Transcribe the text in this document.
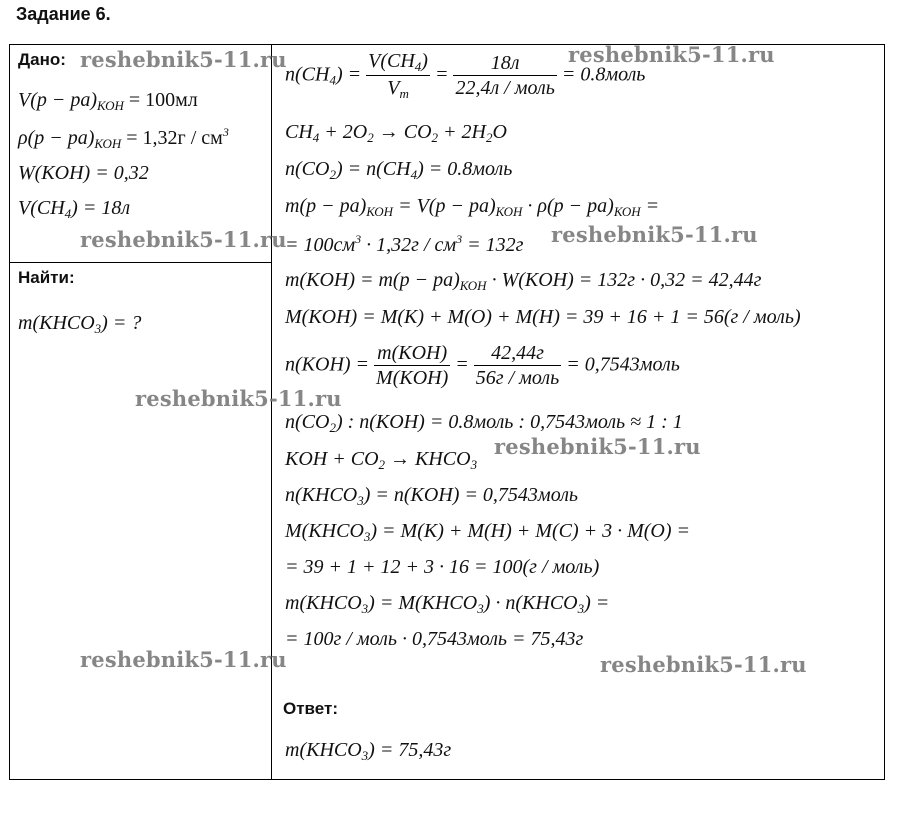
Задание 6.
Дано:
$V(p - pa)_{КОН} = 100мл$
$\rho(p - pa)_{КОН} = 1,32г / см^3$
W(KOH) = 0,32
$V(CH_4) = 18л$
Найти:
$m(KHCO_3)$ = ?
$n(CH_4) = \frac{V(CH_4)}{V_m} = \frac{18л}{\text{22,4л / моль}}$ = 0.8моль
$CH_4 + 2O_2 \to CO_2 + 2H_2O$
$n(CO_2) = n(CH_4)$ = 0.8моль
$m(p - pa)_{КОН} = V(p - pa)_{КОН} \cdot \rho(p - pa)_{КОН}$ =
= $100см^3 \cdot 1,32г / см^3 = 132г$
$m(KOH) = m(p - pa)_{КОН} \cdot W(KOH) = 132г \cdot 0,32 = 42,44г$
M(KOH) = M(K) + M(O) + M(H) = 39 + 16 + 1 = 56(г / моль)
$n(KOH) = \frac{\text{m(KOH)}}{\text{M(KOH)}} = \frac{42,44г}{\text{56г / моль}}$ = 0,7543моль
$n(CO_2)$ : n(KOH) = 0.8моль : 0,7543моль ≈ 1 : 1
KOH + $CO_2$ → $KHCO_3$
$n(KHCO_3) = n(KOH)$ = 0,7543моль
$M(KHCO_3) = M(K) + M(H) + M(C) + 3 \cdot M(O)$ =
= 39 + 1 + 12 + 3 · 16 = 100(г / моль)
$m(KHCO_3)$ = $M(KHCO_3)$ · $n(KHCO_3)$ =
= 100г / моль · 0,7543моль = 75,43г
Ответ:
$m(KHCO_3) = 75,43г$
reshebnik5-11.ru	reshebnik5-11.ru
reshebnik5-11.ru	reshebnik5-11.ru
reshebnik5-11.ru
reshebnik5-11.ru
reshebnik5-11.ru	reshebnik5-11.ru
